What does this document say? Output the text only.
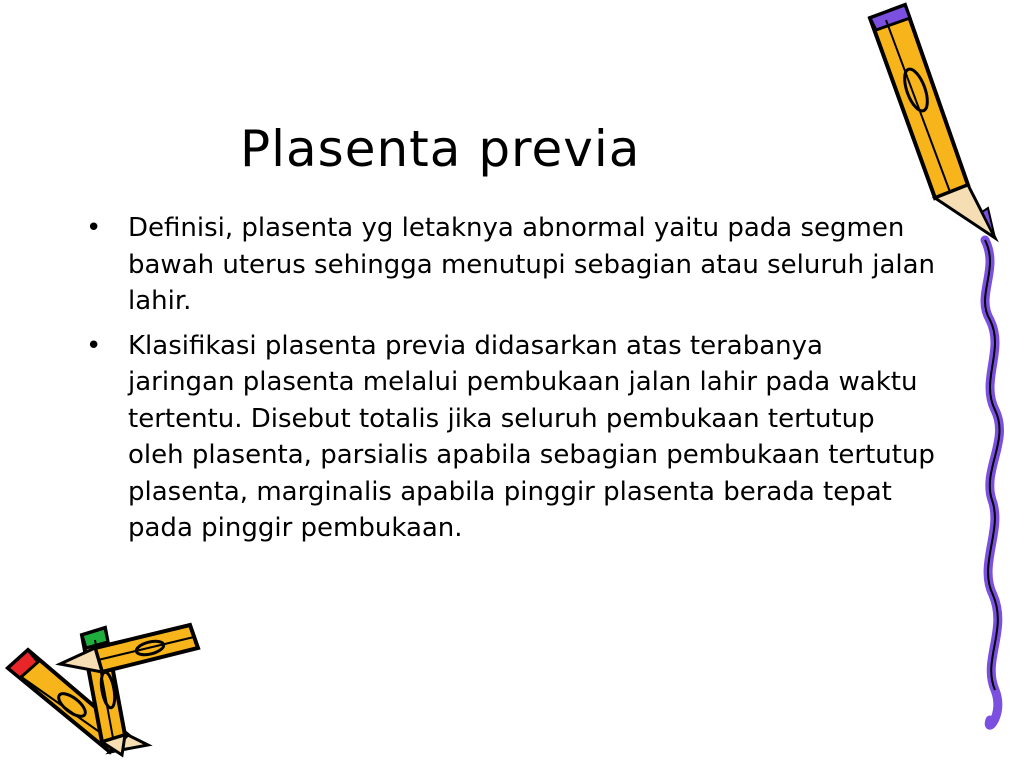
Plasenta previa
• Definisi, plasenta yg letaknya abnormal yaitu pada segmen bawah uterus sehingga menutupi sebagian atau seluruh jalan lahir.
• Klasifikasi plasenta previa didasarkan atas terabanya jaringan plasenta melalui pembukaan jalan lahir pada waktu tertentu. Disebut totalis jika seluruh pembukaan tertutup oleh plasenta, parsialis apabila sebagian pembukaan tertutup plasenta, marginalis apabila pinggir plasenta berada tepat pada pinggir pembukaan.
